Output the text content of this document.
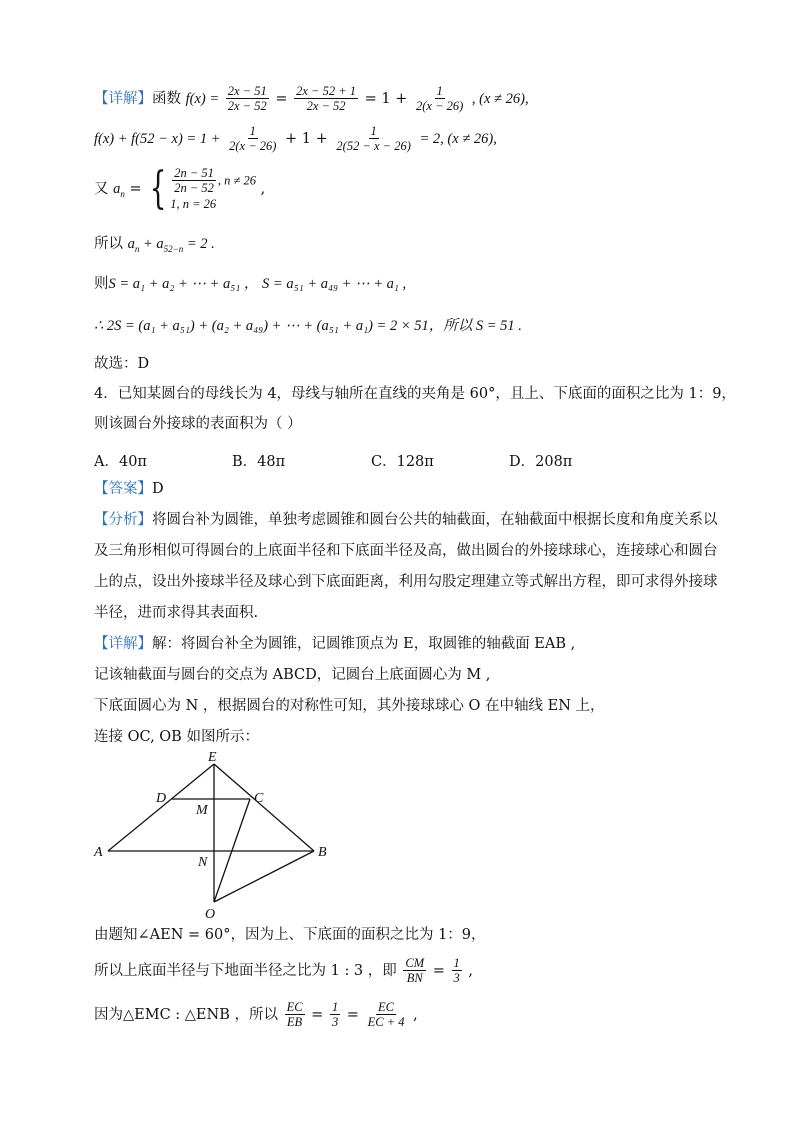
【详解】函数 $f(x) = \frac{2x - 51}{2x - 52} = \frac{2x - 52 + 1}{2x - 52} = 1 + \frac{1}{2(x - 26)}$ , (x ≠ 26),
$f(x) + f(52 - x) = 1 + \frac{1}{2(x - 26)} + 1 + \frac{1}{2(52 - x - 26)} = 2$, (x ≠ 26),
又 $a_n$ = { $\frac{2n - 51}{2n - 52}$ , n ≠ 26
1, n = 26
,
所以 $a_n + a_{52-n} = 2$ .
则S = a₁ + a₂ + ⋯ + a₅₁ ， S = a₅₁ + a₄₉ + ⋯ + a₁ ,
∴ 2S = (a₁ + a₅₁) + (a₂ + a₄₉) + ⋯ + (a₅₁ + a₁) = 2 × 51，所以 S = 51 .
故选：D
4．已知某圆台的母线长为 4，母线与轴所在直线的夹角是 60°，且上、下底面的面积之比为 1：9，
则该圆台外接球的表面积为（ ）
A．40π	B．48π	C．128π	D．208π
【答案】D
【分析】将圆台补为圆锥，单独考虑圆锥和圆台公共的轴截面，在轴截面中根据长度和角度关系以
及三角形相似可得圆台的上底面半径和下底面半径及高，做出圆台的外接球球心，连接球心和圆台
上的点，设出外接球半径及球心到下底面距离，利用勾股定理建立等式解出方程，即可求得外接球
半径，进而求得其表面积.
【详解】解：将圆台补全为圆锥，记圆锥顶点为 E，取圆锥的轴截面 EAB ,
记该轴截面与圆台的交点为 ABCD，记圆台上底面圆心为 M ,
下底面圆心为 N ，根据圆台的对称性可知，其外接球球心 O 在中轴线 EN 上，
连接 OC, OB 如图所示：
E
D	C
M
A
N
B
O
由题知∠AEN = 60°，因为上、下底面的面积之比为 1：9，
所以上底面半径与下地面半径之比为 1 : 3 ，即 $\frac{CM}{BN} = \frac{1}{3}$ ,
因为△EMC : △ENB ，所以 $\frac{EC}{EB} = \frac{1}{3} = \frac{EC}{EC + 4}$ ,
